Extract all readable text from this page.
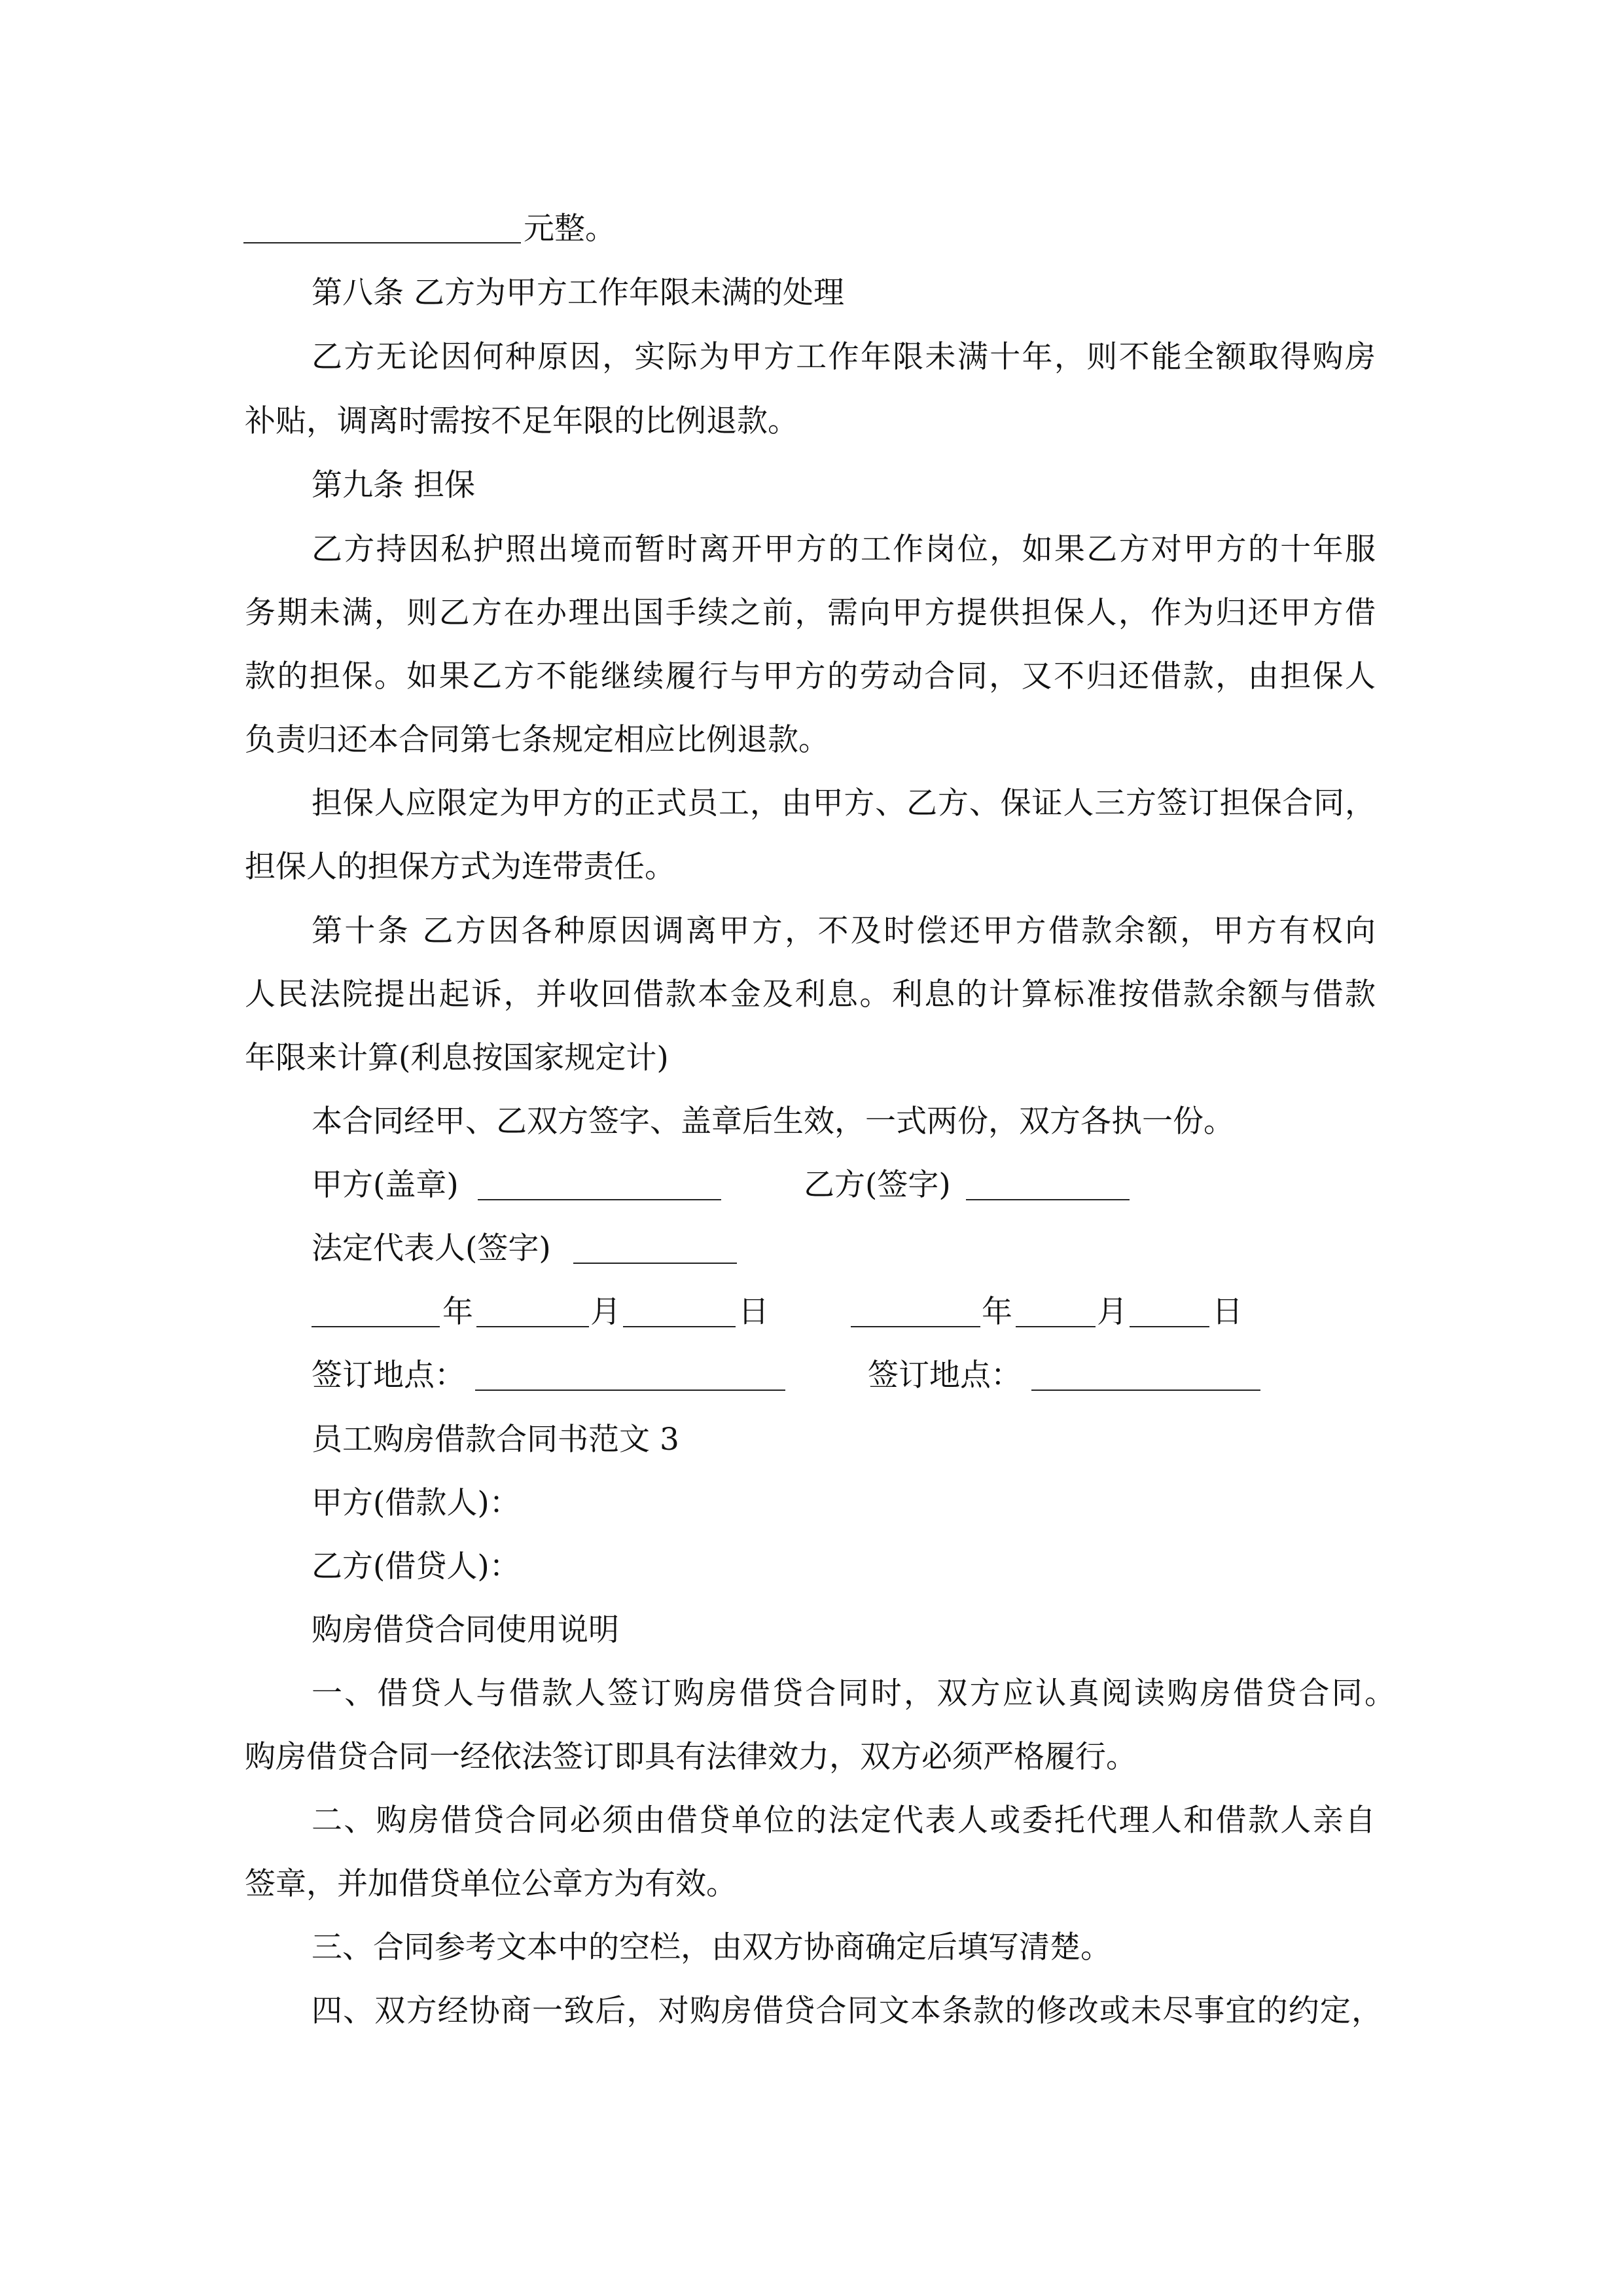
元整。
第八条 乙方为甲方工作年限未满的处理
乙方无论因何种原因，实际为甲方工作年限未满十年，则不能全额取得购房
补贴，调离时需按不足年限的比例退款。
第九条 担保
乙方持因私护照出境而暂时离开甲方的工作岗位，如果乙方对甲方的十年服
务期未满，则乙方在办理出国手续之前，需向甲方提供担保人，作为归还甲方借
款的担保。如果乙方不能继续履行与甲方的劳动合同，又不归还借款，由担保人
负责归还本合同第七条规定相应比例退款。
担保人应限定为甲方的正式员工，由甲方、乙方、保证人三方签订担保合同，
担保人的担保方式为连带责任。
第十条 乙方因各种原因调离甲方，不及时偿还甲方借款余额，甲方有权向
人民法院提出起诉，并收回借款本金及利息。利息的计算标准按借款余额与借款
年限来计算(利息按国家规定计)
本合同经甲、乙双方签字、盖章后生效，一式两份，双方各执一份。
甲方(盖章)	乙方(签字)
法定代表人(签字)
年	月	日	年	月	日
签订地点：	签订地点：
员工购房借款合同书范文 3
甲方(借款人)：
乙方(借贷人)：
购房借贷合同使用说明
一、借贷人与借款人签订购房借贷合同时，双方应认真阅读购房借贷合同。
购房借贷合同一经依法签订即具有法律效力，双方必须严格履行。
二、购房借贷合同必须由借贷单位的法定代表人或委托代理人和借款人亲自
签章，并加借贷单位公章方为有效。
三、合同参考文本中的空栏，由双方协商确定后填写清楚。
四、双方经协商一致后，对购房借贷合同文本条款的修改或未尽事宜的约定，
